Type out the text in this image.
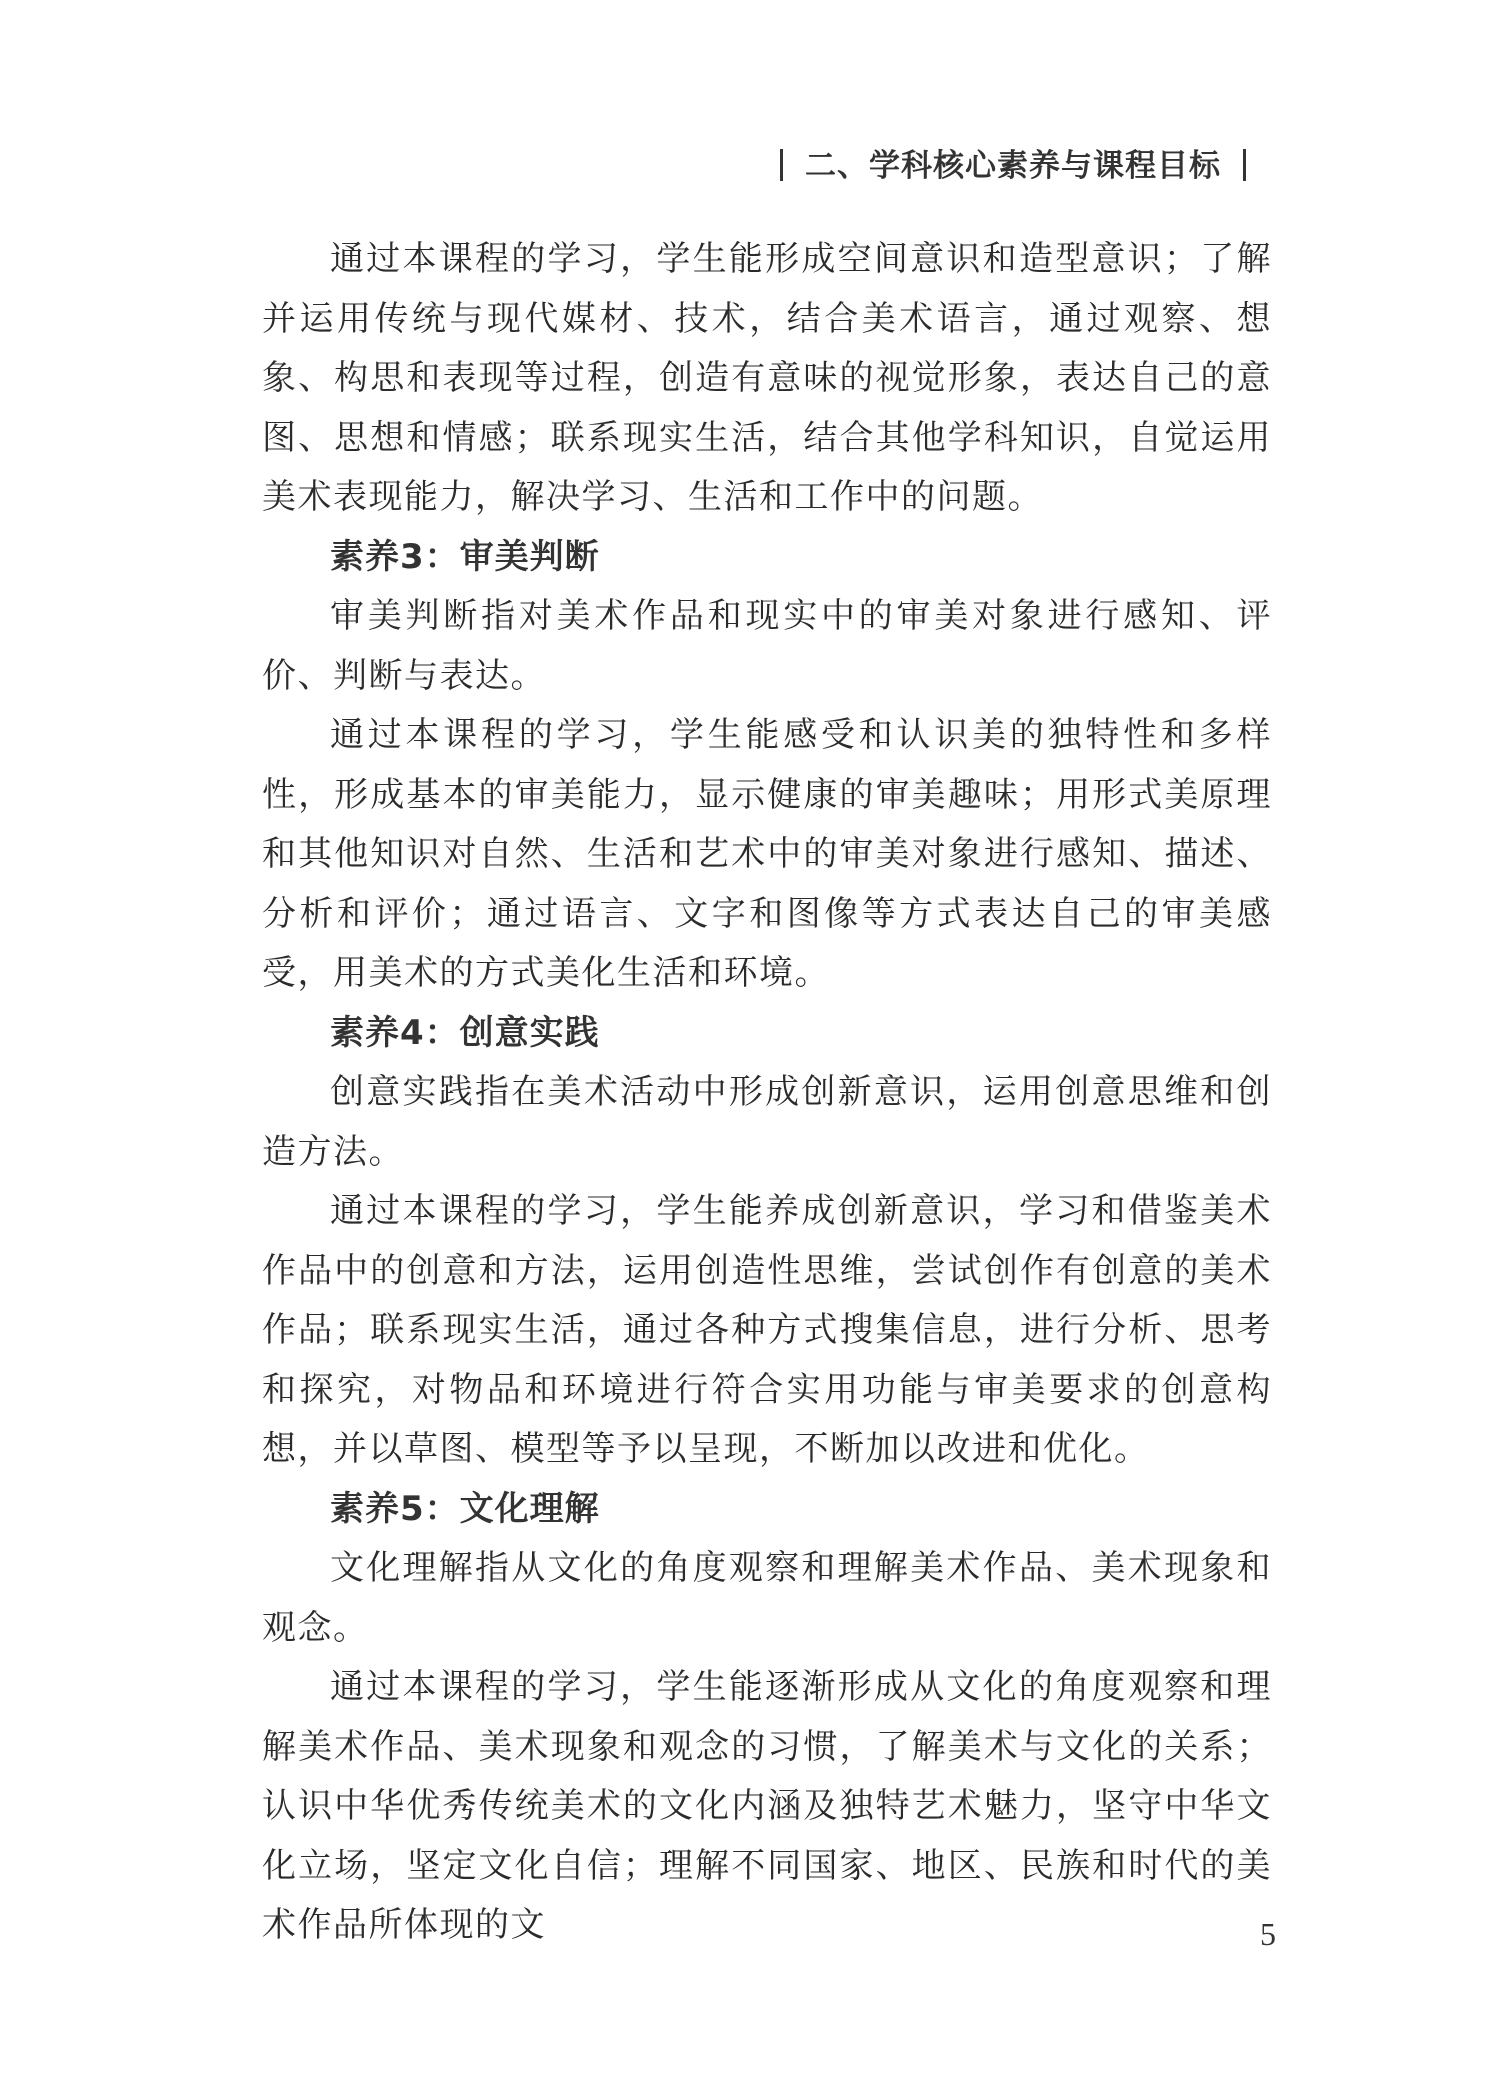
二、学科核心素养与课程目标

通过本课程的学习，学生能形成空间意识和造型意识；了解并运用传统与现代媒材、技术，结合美术语言，通过观察、想象、构思和表现等过程，创造有意味的视觉形象，表达自己的意图、思想和情感；联系现实生活，结合其他学科知识，自觉运用美术表现能力，解决学习、生活和工作中的问题。

素养3：审美判断

审美判断指对美术作品和现实中的审美对象进行感知、评价、判断与表达。

通过本课程的学习，学生能感受和认识美的独特性和多样性，形成基本的审美能力，显示健康的审美趣味；用形式美原理和其他知识对自然、生活和艺术中的审美对象进行感知、描述、分析和评价；通过语言、文字和图像等方式表达自己的审美感受，用美术的方式美化生活和环境。

素养4：创意实践

创意实践指在美术活动中形成创新意识，运用创意思维和创造方法。

通过本课程的学习，学生能养成创新意识，学习和借鉴美术作品中的创意和方法，运用创造性思维，尝试创作有创意的美术作品；联系现实生活，通过各种方式搜集信息，进行分析、思考和探究，对物品和环境进行符合实用功能与审美要求的创意构想，并以草图、模型等予以呈现，不断加以改进和优化。

素养5：文化理解

文化理解指从文化的角度观察和理解美术作品、美术现象和观念。

通过本课程的学习，学生能逐渐形成从文化的角度观察和理解美术作品、美术现象和观念的习惯，了解美术与文化的关系；认识中华优秀传统美术的文化内涵及独特艺术魅力，坚守中华文化立场，坚定文化自信；理解不同国家、地区、民族和时代的美术作品所体现的文	5
